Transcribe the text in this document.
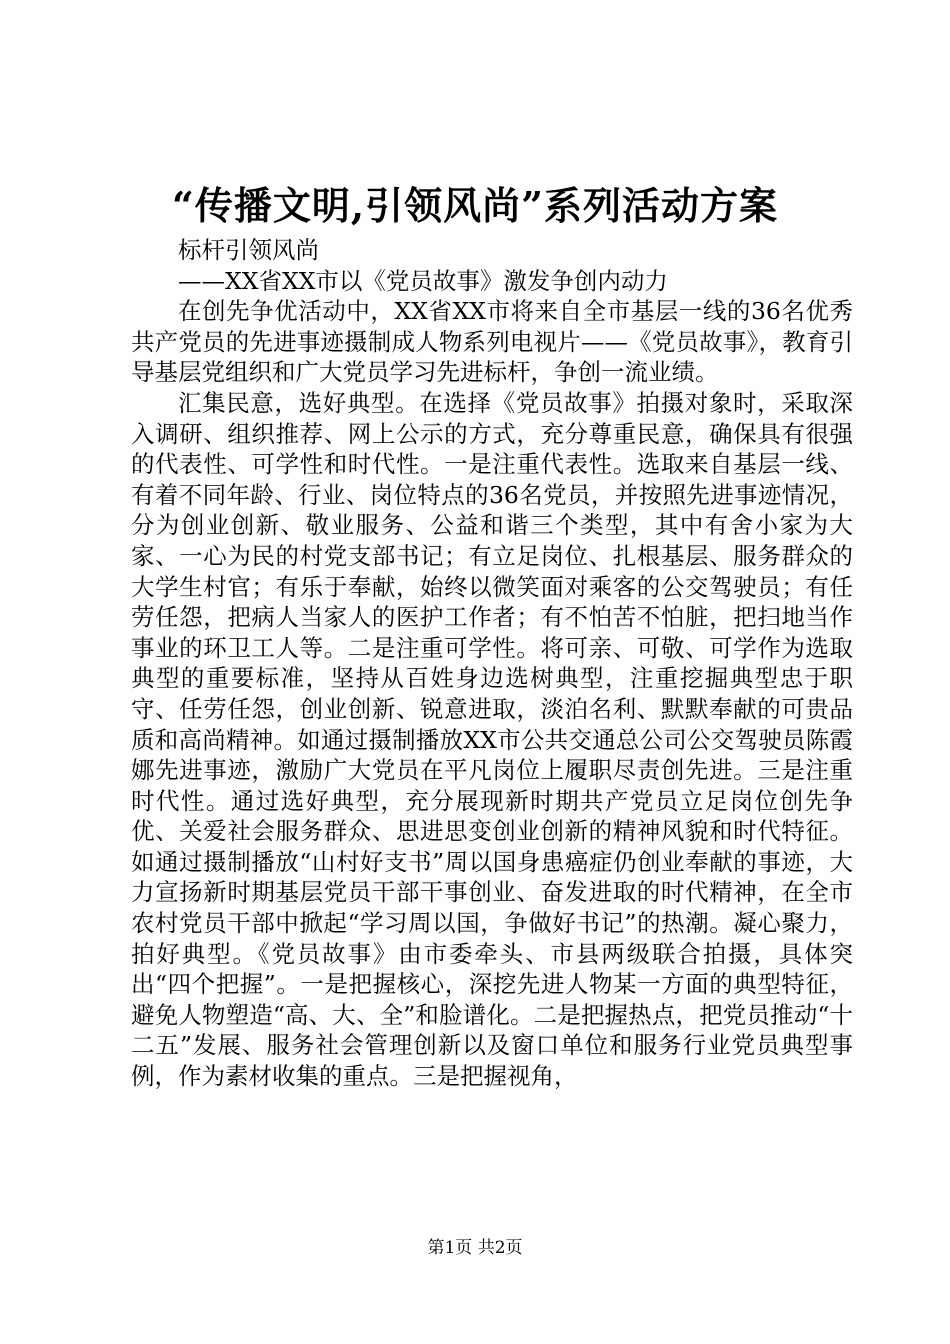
“传播文明,引领风尚”系列活动方案

标杆引领风尚

——XX省XX市以《党员故事》激发争创内动力

在创先争优活动中，XX省XX市将来自全市基层一线的36名优秀共产党员的先进事迹摄制成人物系列电视片——《党员故事》，教育引导基层党组织和广大党员学习先进标杆，争创一流业绩。

汇集民意，选好典型。在选择《党员故事》拍摄对象时，采取深入调研、组织推荐、网上公示的方式，充分尊重民意，确保具有很强的代表性、可学性和时代性。一是注重代表性。选取来自基层一线、有着不同年龄、行业、岗位特点的36名党员，并按照先进事迹情况，分为创业创新、敬业服务、公益和谐三个类型，其中有舍小家为大家、一心为民的村党支部书记；有立足岗位、扎根基层、服务群众的大学生村官；有乐于奉献，始终以微笑面对乘客的公交驾驶员；有任劳任怨，把病人当家人的医护工作者；有不怕苦不怕脏，把扫地当作事业的环卫工人等。二是注重可学性。将可亲、可敬、可学作为选取典型的重要标准，坚持从百姓身边选树典型，注重挖掘典型忠于职守、任劳任怨，创业创新、锐意进取，淡泊名利、默默奉献的可贵品质和高尚精神。如通过摄制播放XX市公共交通总公司公交驾驶员陈霞娜先进事迹，激励广大党员在平凡岗位上履职尽责创先进。三是注重时代性。通过选好典型，充分展现新时期共产党员立足岗位创先争优、关爱社会服务群众、思进思变创业创新的精神风貌和时代特征。如通过摄制播放“山村好支书”周以国身患癌症仍创业奉献的事迹，大力宣扬新时期基层党员干部干事创业、奋发进取的时代精神，在全市农村党员干部中掀起“学习周以国，争做好书记”的热潮。凝心聚力，拍好典型。《党员故事》由市委牵头、市县两级联合拍摄，具体突出“四个把握”。一是把握核心，深挖先进人物某一方面的典型特征，避免人物塑造“高、大、全”和脸谱化。二是把握热点，把党员推动“十二五”发展、服务社会管理创新以及窗口单位和服务行业党员典型事例，作为素材收集的重点。三是把握视角，

第1页 共2页
